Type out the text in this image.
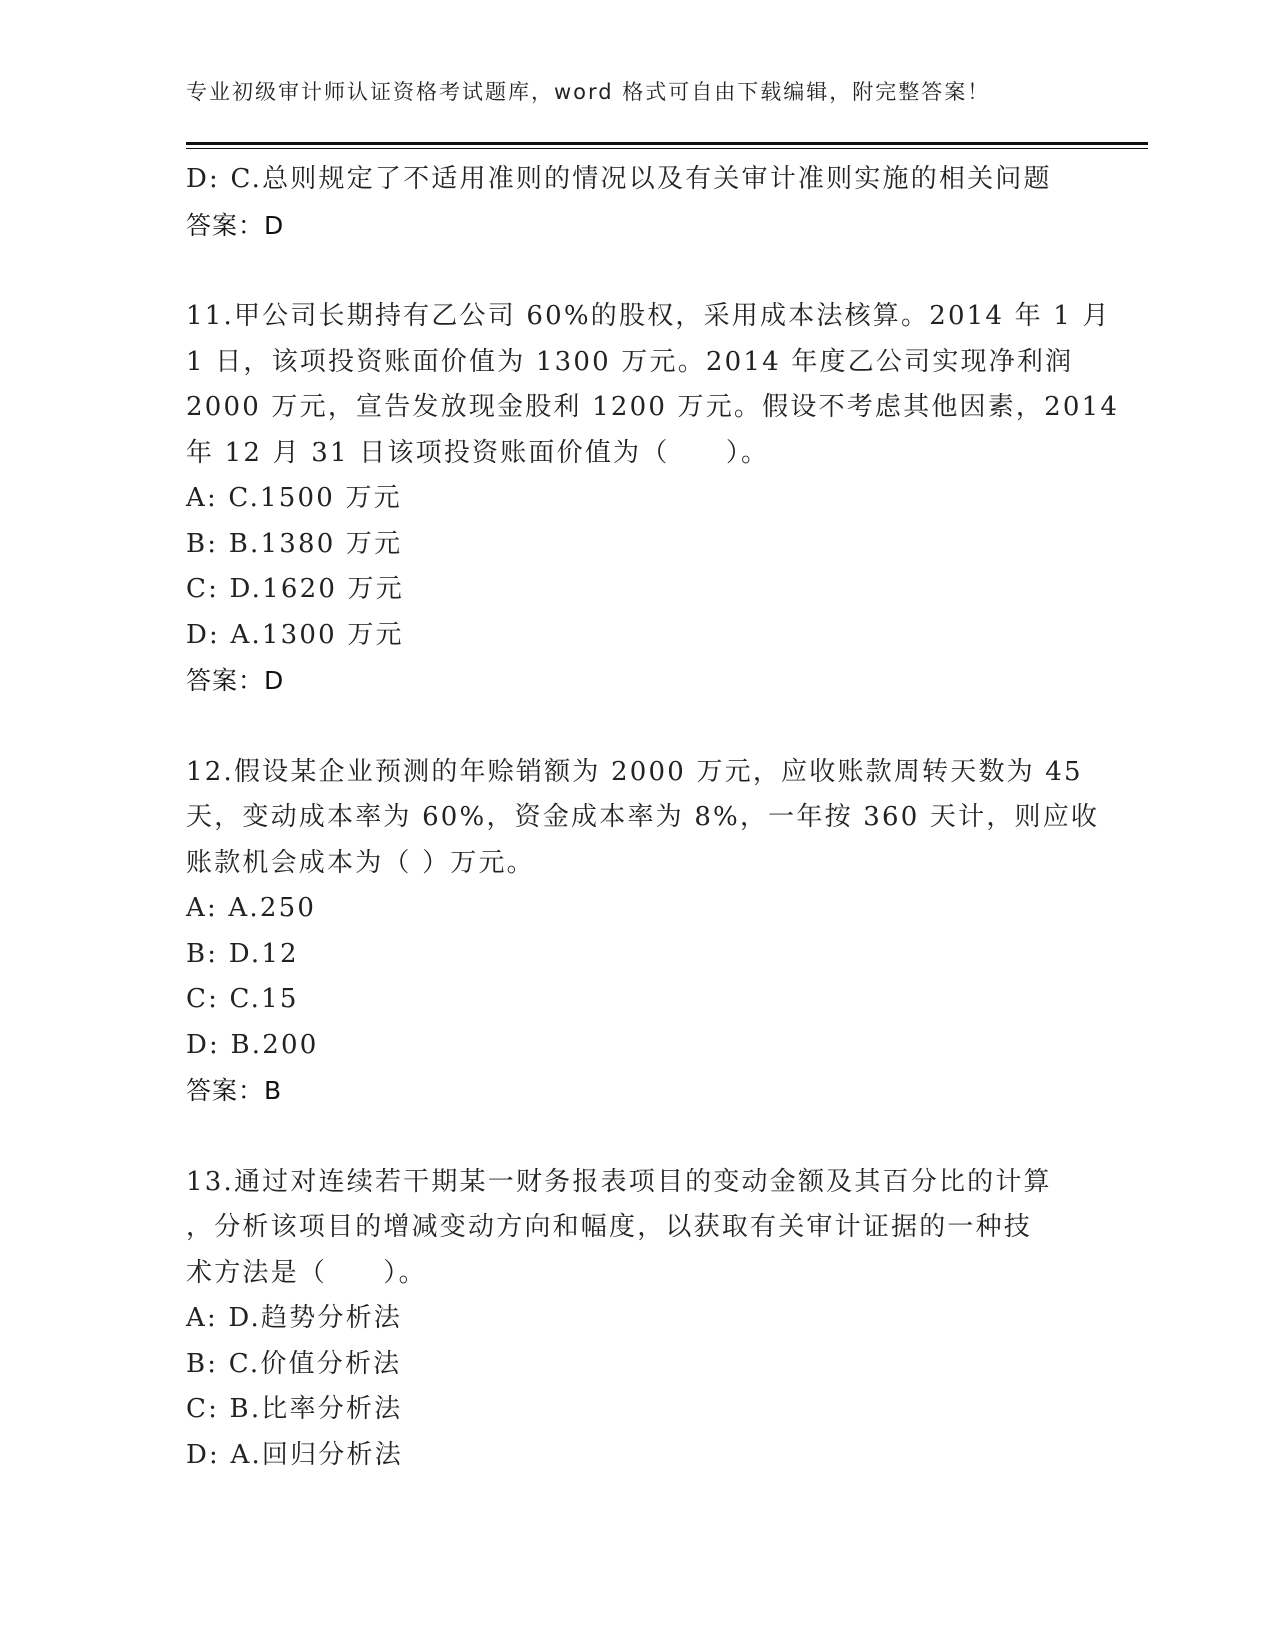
专业初级审计师认证资格考试题库，word 格式可自由下载编辑，附完整答案！
D: C.总则规定了不适用准则的情况以及有关审计准则实施的相关问题
答案：D
11.甲公司长期持有乙公司 60%的股权，采用成本法核算。2014 年 1 月
1 日，该项投资账面价值为 1300 万元。2014 年度乙公司实现净利润
2000 万元，宣告发放现金股利 1200 万元。假设不考虑其他因素，2014
年 12 月 31 日该项投资账面价值为（　　）。
A: C.1500 万元
B: B.1380 万元
C: D.1620 万元
D: A.1300 万元
答案：D
12.假设某企业预测的年赊销额为 2000 万元，应收账款周转天数为 45
天，变动成本率为 60%，资金成本率为 8%，一年按 360 天计，则应收
账款机会成本为（ ）万元。
A: A.250
B: D.12
C: C.15
D: B.200
答案：B
13.通过对连续若干期某一财务报表项目的变动金额及其百分比的计算
，分析该项目的增减变动方向和幅度，以获取有关审计证据的一种技
术方法是（　　）。
A: D.趋势分析法
B: C.价值分析法
C: B.比率分析法
D: A.回归分析法
